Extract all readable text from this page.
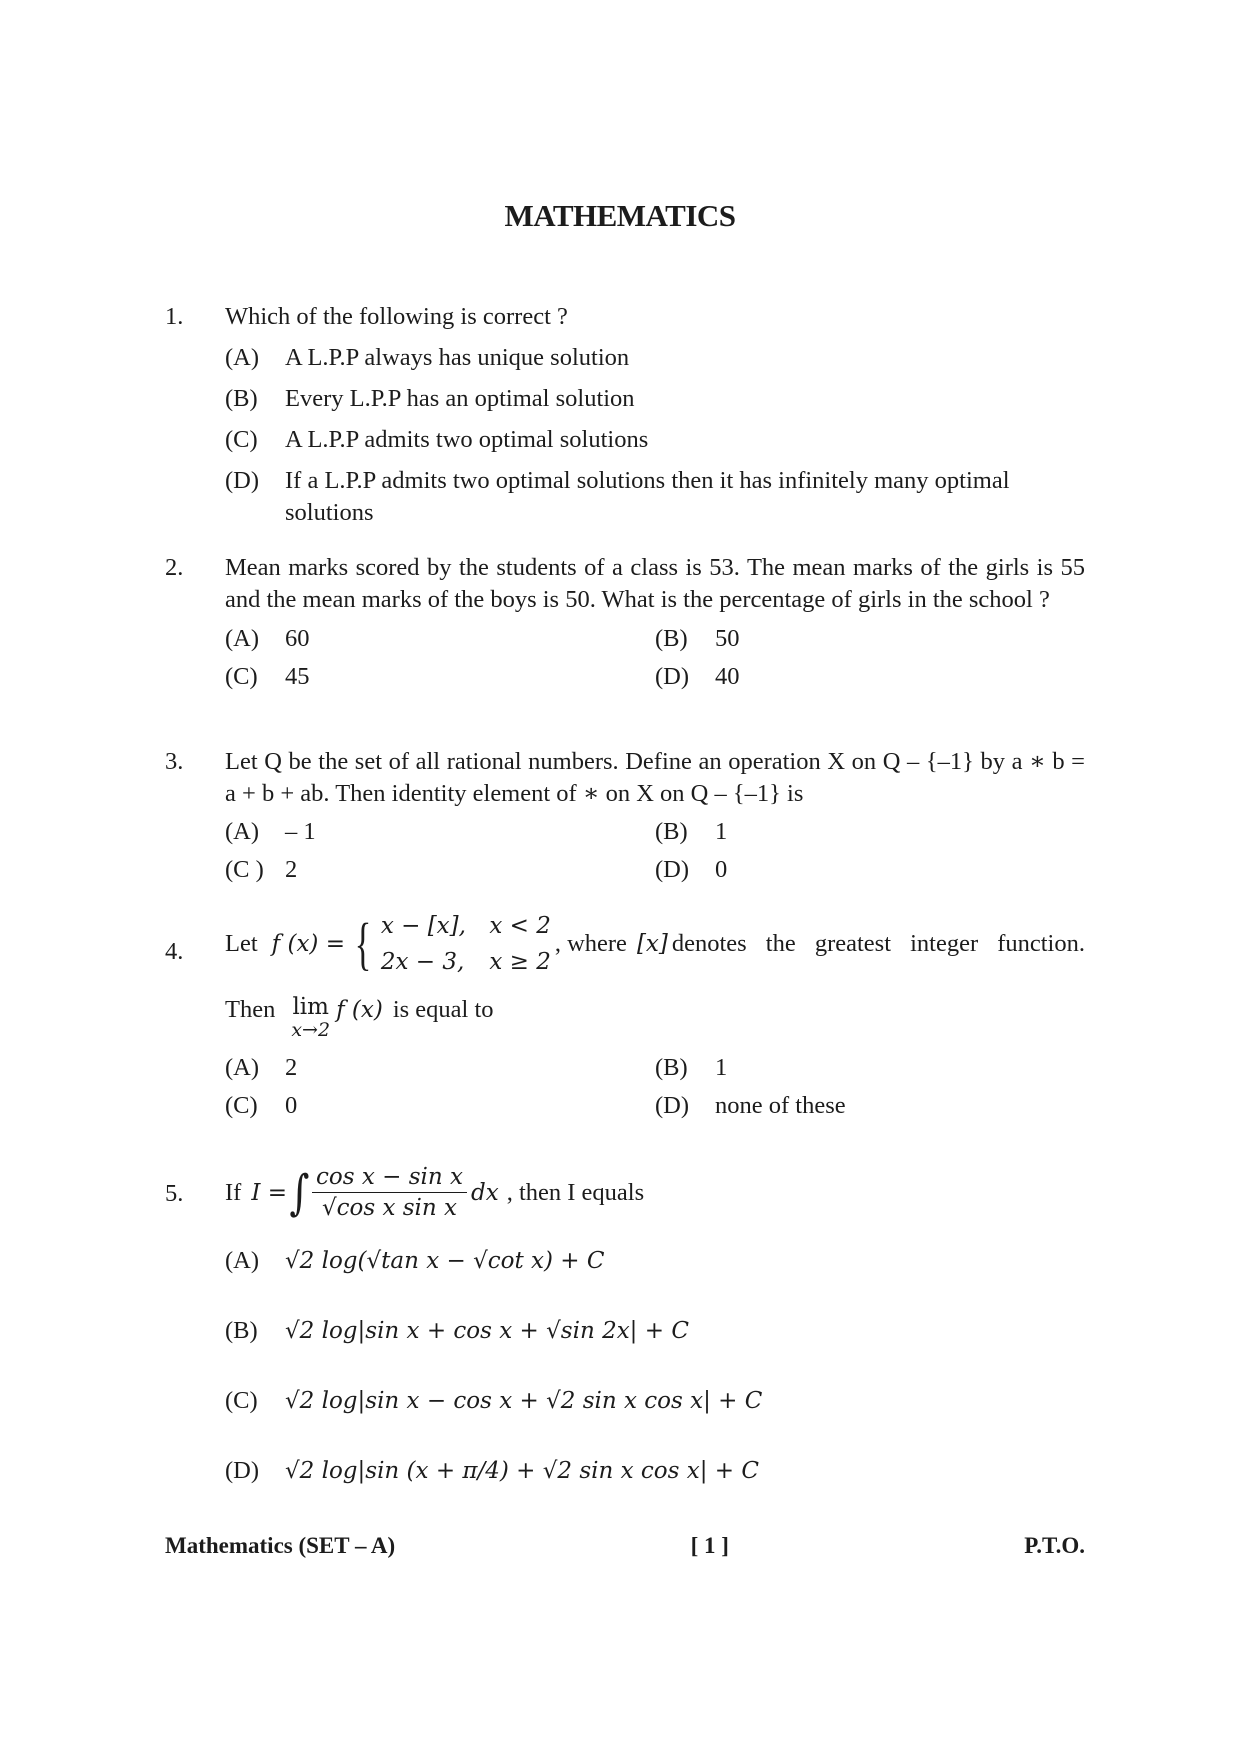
MATHEMATICS
1. Which of the following is correct ?
(A)	A L.P.P always has unique solution
(B)	Every L.P.P has an optimal solution
(C)	A L.P.P admits two optimal solutions
(D)	If a L.P.P admits two optimal solutions then it has infinitely many optimal solutions
2. Mean marks scored by the students of a class is 53. The mean marks of the girls is 55 and the mean marks of the boys is 50. What is the percentage of girls in the school ?
(A)	60	(B)	50
(C)	45	(D)	40
3. Let Q be the set of all rational numbers. Define an operation X on Q – {–1} by a ∗ b = a + b + ab. Then identity element of ∗ on X on Q – {–1} is
(A)	– 1	(B)	1
(C ) 2	(D)	0
4. Let f (x) = { x − [x],	x < 2
2x − 3,	x ≥ 2
, where [x] denotes the greatest integer function.
Then lim
x→2
f (x) is equal to
(A)	2	(B)	1
(C)	0	(D)	none of these
5. If I = ∫ $\frac{\text{cos x − sin x}}{\text{√cos x sin x}}$ dx , then I equals
(A)	√2 log(√tan x − √cot x) + C
(B)	√2 log|sin x + cos x + √sin 2x| + C
(C)	√2 log|sin x − cos x + √2 sin x cos x| + C
(D)	√2 log|sin (x + π/4) + √2 sin x cos x| + C
Mathematics (SET – A)	[ 1 ]	P.T.O.
